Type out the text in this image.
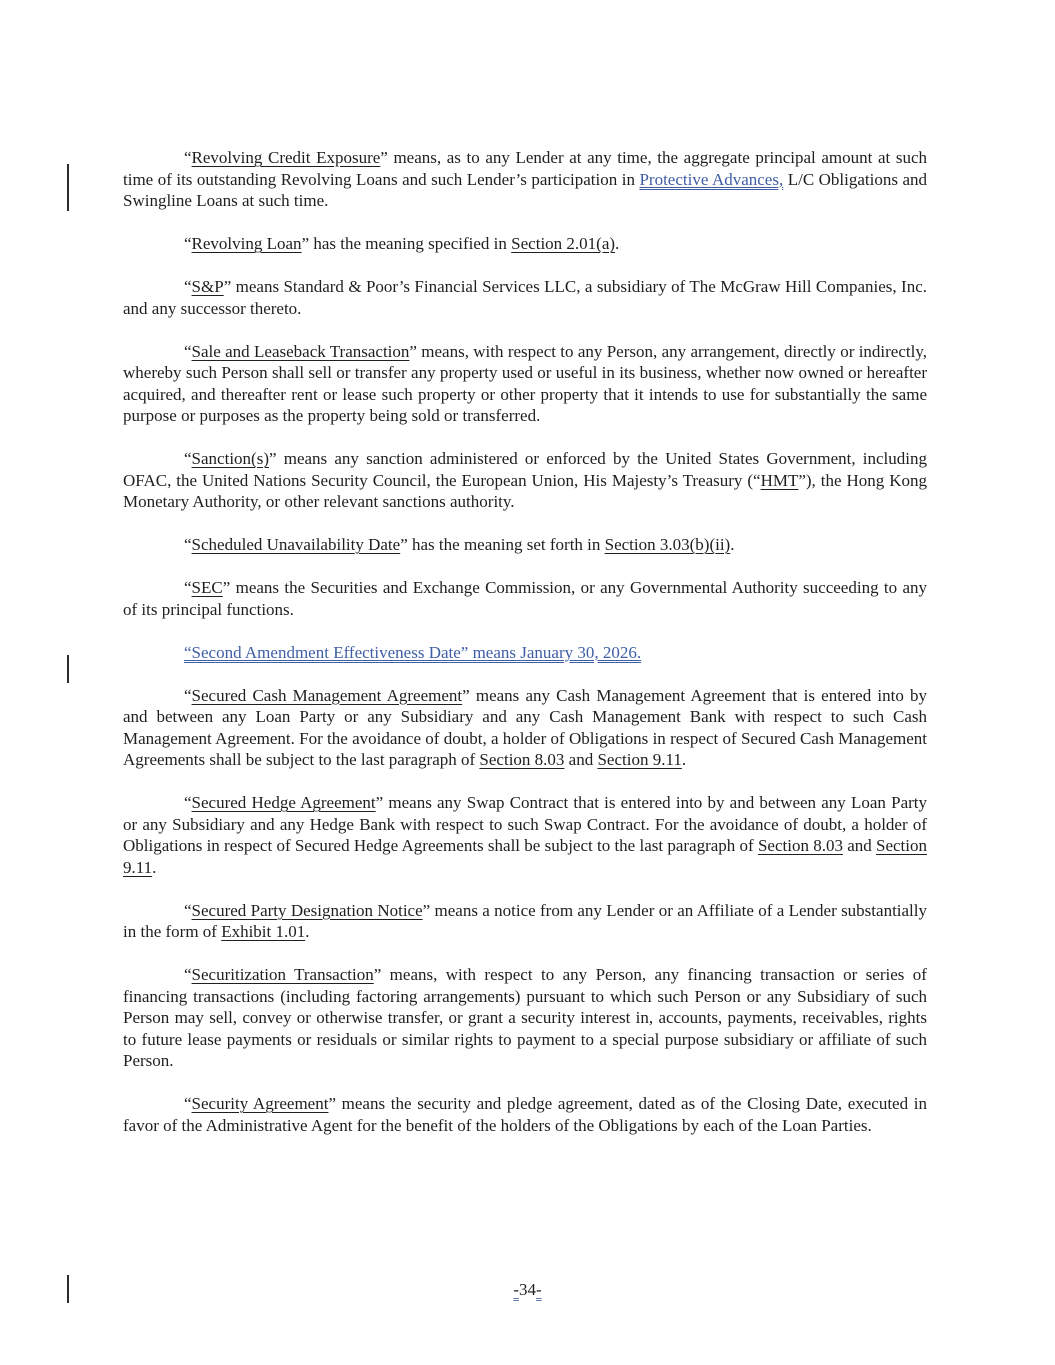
“Revolving Credit Exposure” means, as to any Lender at any time, the aggregate principal amount at such time of its outstanding Revolving Loans and such Lender’s participation in Protective Advances, L/C Obligations and Swingline Loans at such time.

“Revolving Loan” has the meaning specified in Section 2.01(a).

“S&P” means Standard & Poor’s Financial Services LLC, a subsidiary of The McGraw Hill Companies, Inc. and any successor thereto.

“Sale and Leaseback Transaction” means, with respect to any Person, any arrangement, directly or indirectly, whereby such Person shall sell or transfer any property used or useful in its business, whether now owned or hereafter acquired, and thereafter rent or lease such property or other property that it intends to use for substantially the same purpose or purposes as the property being sold or transferred.

“Sanction(s)” means any sanction administered or enforced by the United States Government, including OFAC, the United Nations Security Council, the European Union, His Majesty’s Treasury (“HMT”), the Hong Kong Monetary Authority, or other relevant sanctions authority.

“Scheduled Unavailability Date” has the meaning set forth in Section 3.03(b)(ii).

“SEC” means the Securities and Exchange Commission, or any Governmental Authority succeeding to any of its principal functions.

“Second Amendment Effectiveness Date” means January 30, 2026.

“Secured Cash Management Agreement” means any Cash Management Agreement that is entered into by and between any Loan Party or any Subsidiary and any Cash Management Bank with respect to such Cash Management Agreement. For the avoidance of doubt, a holder of Obligations in respect of Secured Cash Management Agreements shall be subject to the last paragraph of Section 8.03 and Section 9.11.

“Secured Hedge Agreement” means any Swap Contract that is entered into by and between any Loan Party or any Subsidiary and any Hedge Bank with respect to such Swap Contract. For the avoidance of doubt, a holder of Obligations in respect of Secured Hedge Agreements shall be subject to the last paragraph of Section 8.03 and Section 9.11.

“Secured Party Designation Notice” means a notice from any Lender or an Affiliate of a Lender substantially in the form of Exhibit 1.01.

“Securitization Transaction” means, with respect to any Person, any financing transaction or series of financing transactions (including factoring arrangements) pursuant to which such Person or any Subsidiary of such Person may sell, convey or otherwise transfer, or grant a security interest in, accounts, payments, receivables, rights to future lease payments or residuals or similar rights to payment to a special purpose subsidiary or affiliate of such Person.

“Security Agreement” means the security and pledge agreement, dated as of the Closing Date, executed in favor of the Administrative Agent for the benefit of the holders of the Obligations by each of the Loan Parties.

-34-
